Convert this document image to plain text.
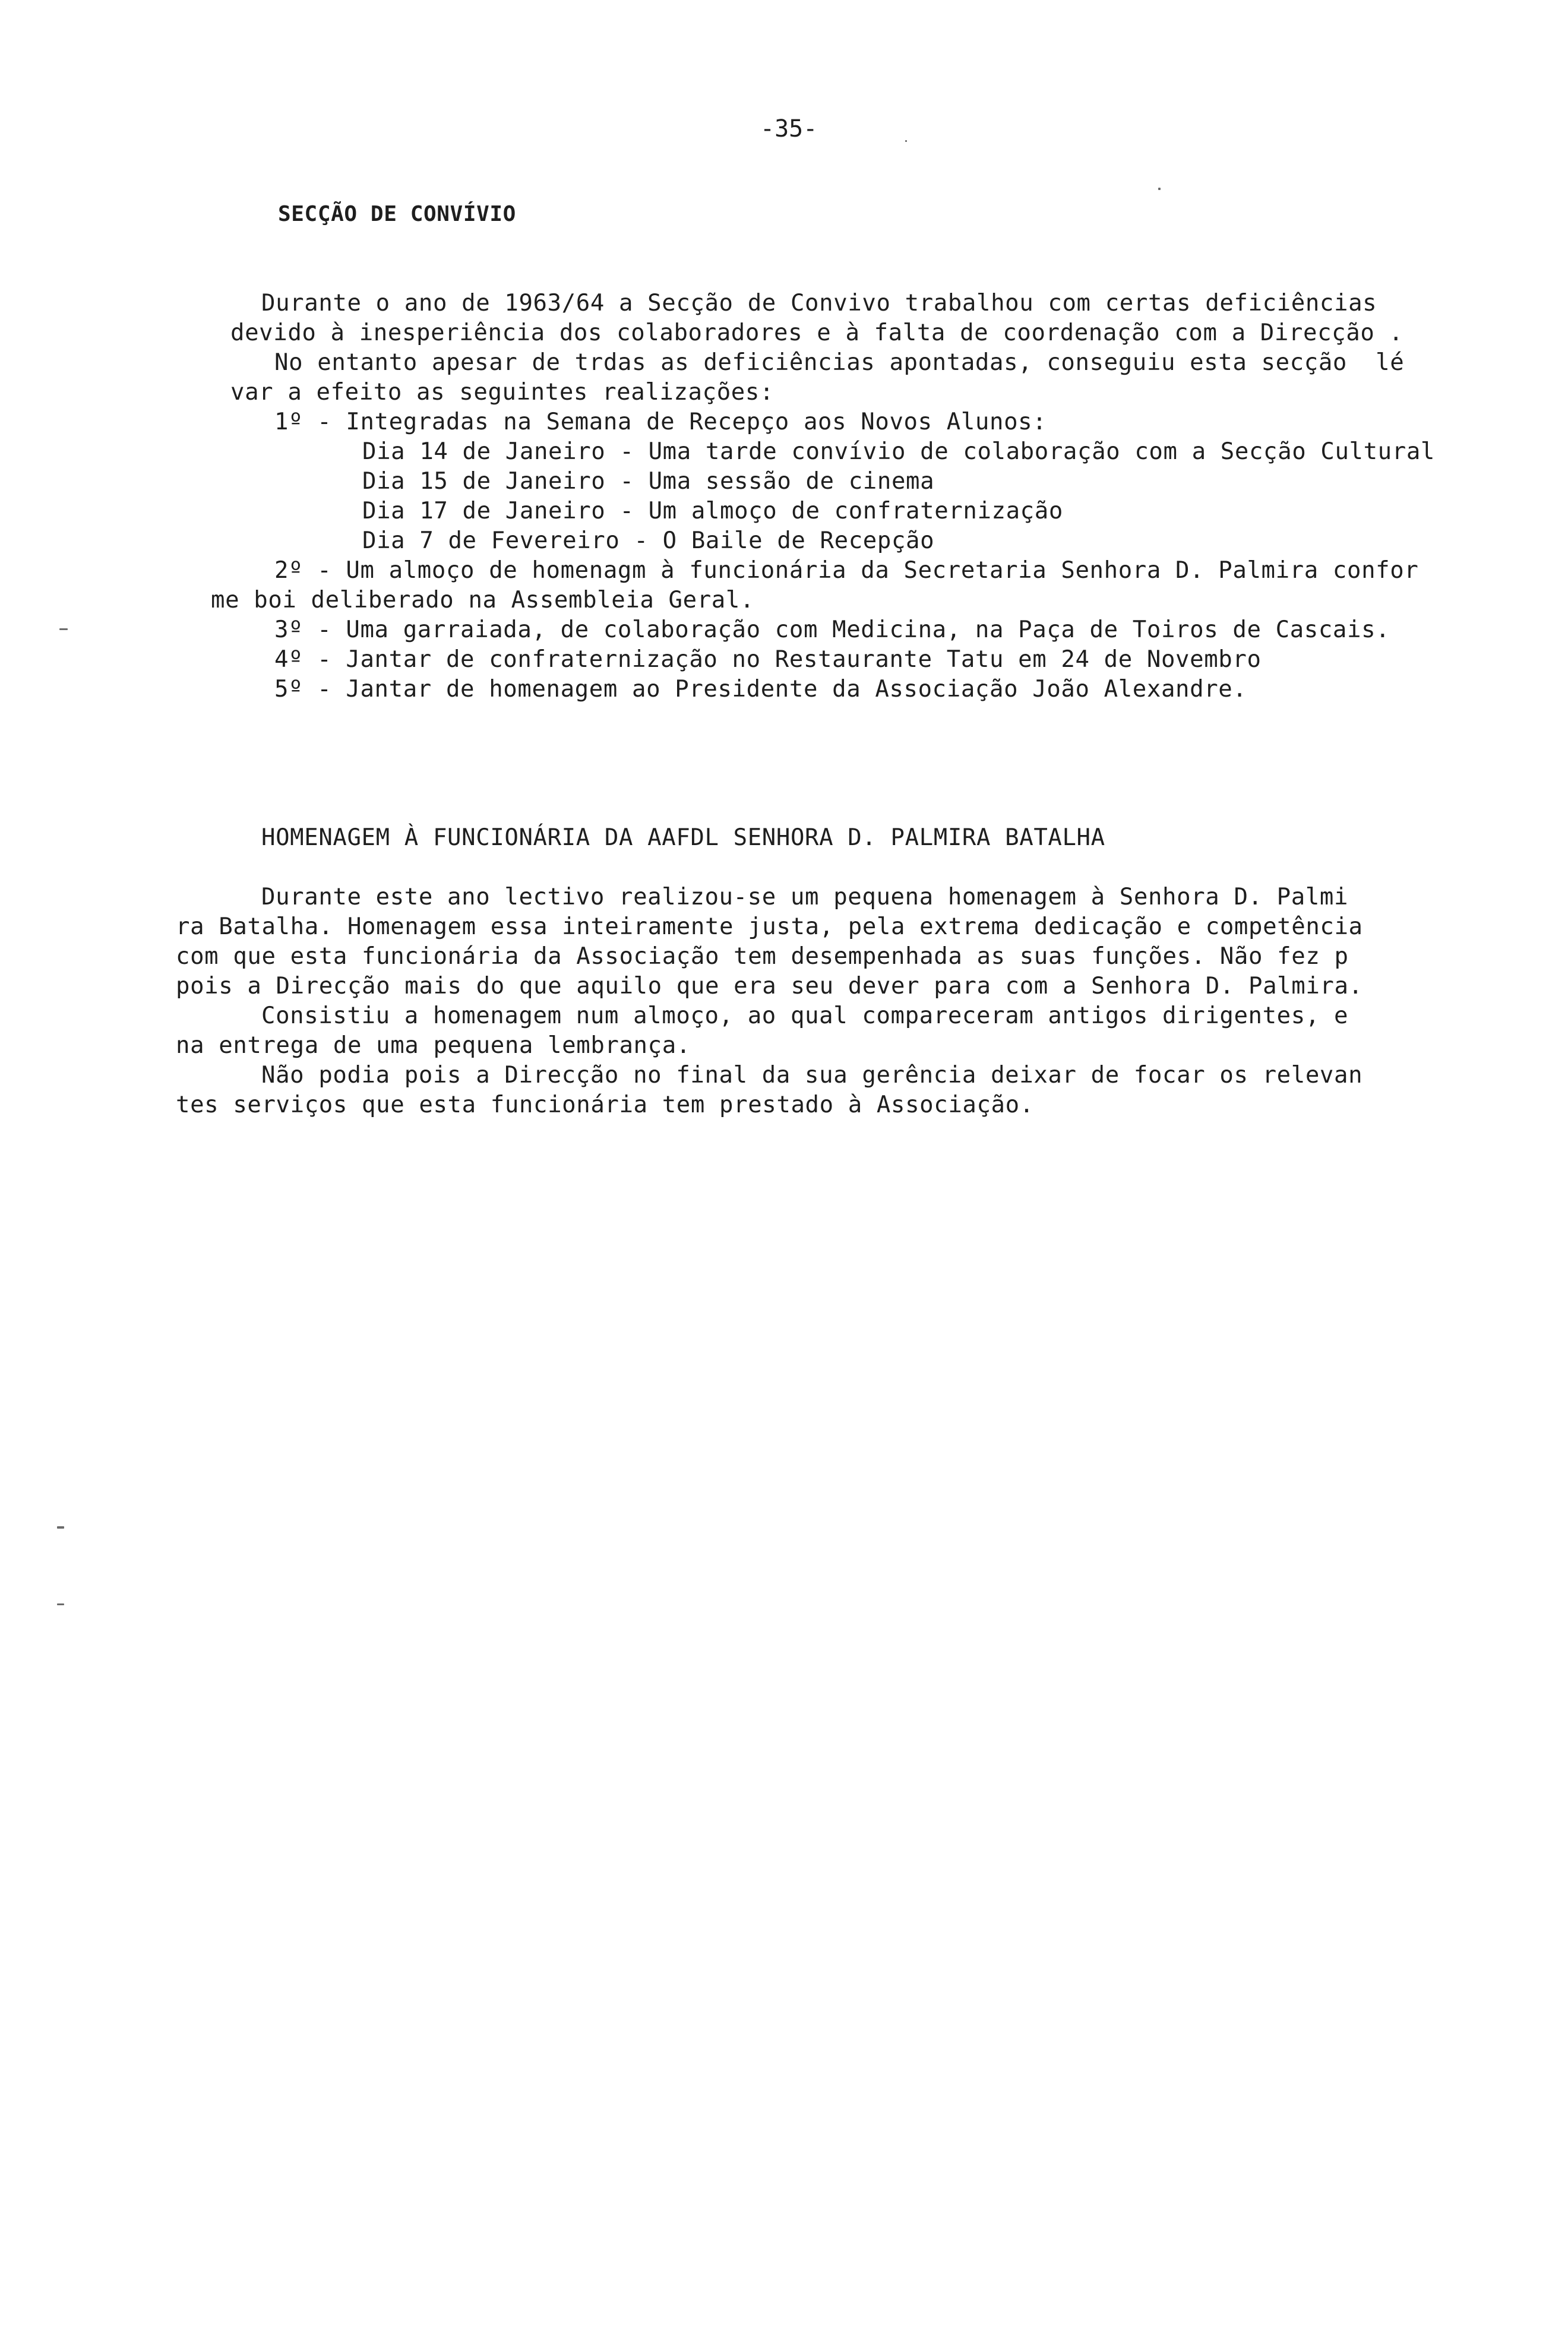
-35-
SECÇÃO DE CONVÍVIO
Durante o ano de 1963/64 a Secção de Convivo trabalhou com certas deficiências
devido à inesperiência dos colaboradores e à falta de coordenação com a Direcção .
No entanto apesar de trdas as deficiências apontadas, conseguiu esta secção  lé
var a efeito as seguintes realizações:
1º - Integradas na Semana de Recepço aos Novos Alunos:
Dia 14 de Janeiro - Uma tarde convívio de colaboração com a Secção Cultural
Dia 15 de Janeiro - Uma sessão de cinema
Dia 17 de Janeiro - Um almoço de confraternização
Dia 7 de Fevereiro - O Baile de Recepção
2º - Um almoço de homenagm à funcionária da Secretaria Senhora D. Palmira confor
me boi deliberado na Assembleia Geral.
3º - Uma garraiada, de colaboração com Medicina, na Paça de Toiros de Cascais.
4º - Jantar de confraternização no Restaurante Tatu em 24 de Novembro
5º - Jantar de homenagem ao Presidente da Associação João Alexandre.
HOMENAGEM À FUNCIONÁRIA DA AAFDL SENHORA D. PALMIRA BATALHA
Durante este ano lectivo realizou-se um pequena homenagem à Senhora D. Palmi
ra Batalha. Homenagem essa inteiramente justa, pela extrema dedicação e competência
com que esta funcionária da Associação tem desempenhada as suas funções. Não fez p
pois a Direcção mais do que aquilo que era seu dever para com a Senhora D. Palmira.
Consistiu a homenagem num almoço, ao qual compareceram antigos dirigentes, e
na entrega de uma pequena lembrança.
Não podia pois a Direcção no final da sua gerência deixar de focar os relevan
tes serviços que esta funcionária tem prestado à Associação.
